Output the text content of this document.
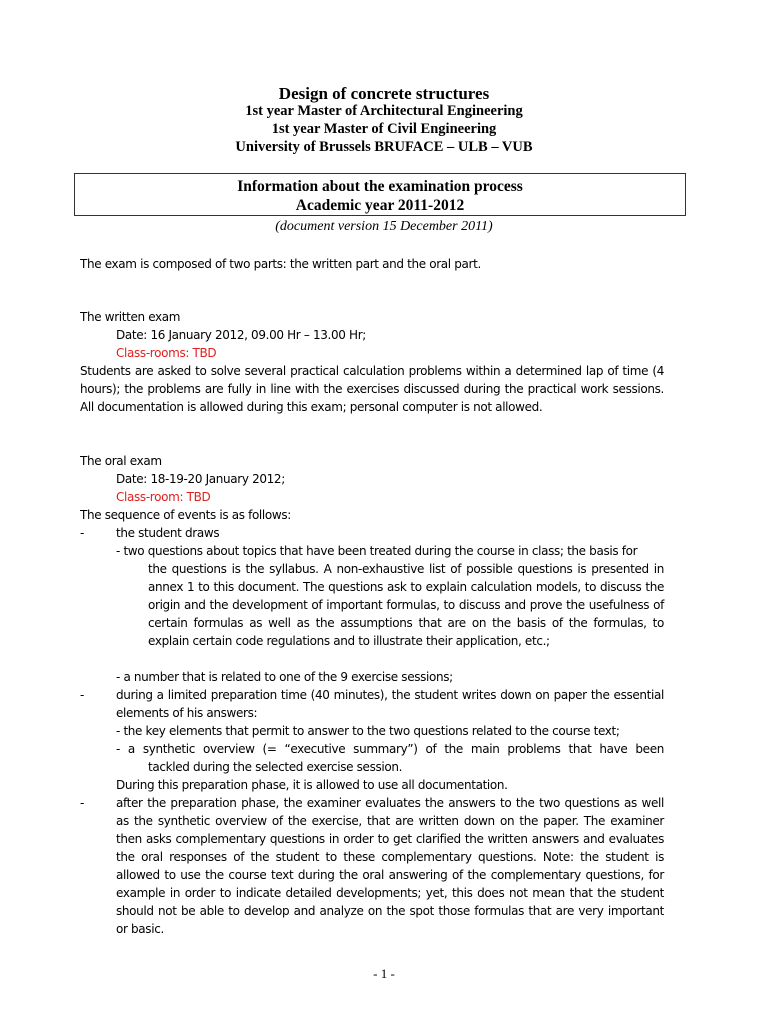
Design of concrete structures
1st year Master of Architectural Engineering
1st year Master of Civil Engineering
University of Brussels BRUFACE – ULB – VUB
Information about the examination process
Academic year 2011-2012
(document version 15 December 2011)
The exam is composed of two parts: the written part and the oral part.
The written exam
Date: 16 January 2012, 09.00 Hr – 13.00 Hr;
Class-rooms: TBD
Students are asked to solve several practical calculation problems within a determined lap of time (4 hours); the problems are fully in line with the exercises discussed during the practical work sessions. All documentation is allowed during this exam; personal computer is not allowed.
The oral exam
Date: 18-19-20 January 2012;
Class-room: TBD
The sequence of events is as follows:
-	the student draws
- two questions about topics that have been treated during the course in class; the basis for
the questions is the syllabus. A non-exhaustive list of possible questions is presented in annex 1 to this document. The questions ask to explain calculation models, to discuss the origin and the development of important formulas, to discuss and prove the usefulness of certain formulas as well as the assumptions that are on the basis of the formulas, to explain certain code regulations and to illustrate their application, etc.;
- a number that is related to one of the 9 exercise sessions;
-	during a limited preparation time (40 minutes), the student writes down on paper the essential elements of his answers:
- the key elements that permit to answer to the two questions related to the course text;
- a synthetic overview (= “executive summary”) of the main problems that have been
tackled during the selected exercise session.
During this preparation phase, it is allowed to use all documentation.
-	after the preparation phase, the examiner evaluates the answers to the two questions as well as the synthetic overview of the exercise, that are written down on the paper. The examiner then asks complementary questions in order to get clarified the written answers and evaluates the oral responses of the student to these complementary questions. Note: the student is allowed to use the course text during the oral answering of the complementary questions, for example in order to indicate detailed developments; yet, this does not mean that the student should not be able to develop and analyze on the spot those formulas that are very important or basic.
- 1 -
